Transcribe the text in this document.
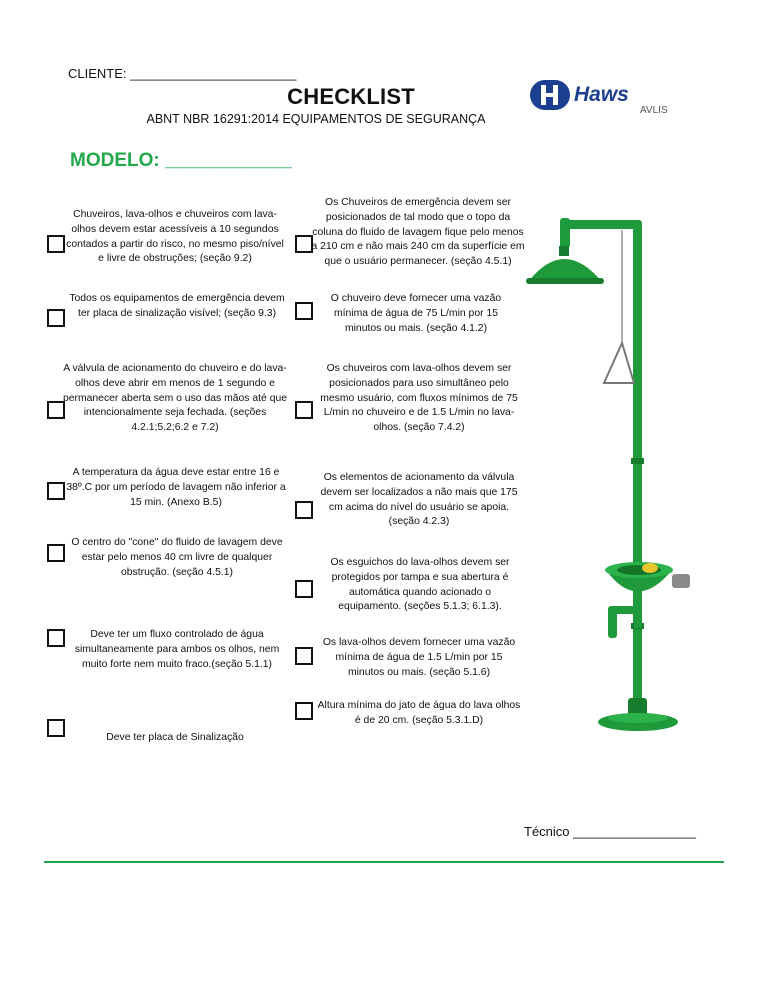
CLIENTE: _______________________
CHECKLIST
ABNT NBR 16291:2014 EQUIPAMENTOS DE SEGURANÇA
Haws
AVLIS
MODELO: ____________
Chuveiros, lava-olhos e chuveiros com lava-olhos devem estar acessíveis a 10 segundos contados a partir do risco, no mesmo piso/nível e livre de obstruções; (seção 9.2)
Todos os equipamentos de emergência devem ter placa de sinalização visível; (seção 9.3)
A válvula de acionamento do chuveiro e do lava-olhos deve abrir em menos de 1 segundo e permanecer aberta sem o uso das mãos até que intencionalmente seja fechada. (seções 4.2.1;5.2;6.2 e 7.2)
A temperatura da água deve estar entre 16 e 38º.C por um período de lavagem não inferior a 15 min. (Anexo B.5)
O centro do "cone" do fluido de lavagem deve estar pelo menos 40 cm livre de qualquer obstrução. (seção 4.5.1)
Deve ter um fluxo controlado de água simultaneamente para ambos os olhos, nem muito forte nem muito fraco.(seção 5.1.1)
Deve ter placa de Sinalização
Os Chuveiros de emergência devem ser posicionados de tal modo que o topo da coluna do fluido de lavagem fique pelo menos a 210 cm e não mais 240 cm da superfície em que o usuário permanecer. (seção 4.5.1)
O chuveiro deve fornecer uma vazão mínima de água de 75 L/min por 15 minutos ou mais. (seção 4.1.2)
Os chuveiros com lava-olhos devem ser posicionados para uso simultâneo pelo mesmo usuário, com fluxos mínimos de 75 L/min no chuveiro e de 1.5 L/min no lava-olhos. (seção 7.4.2)
Os elementos de acionamento da válvula devem ser localizados a não mais que 175 cm acima do nível do usuário se apoia. (seção 4.2.3)
Os esguichos do lava-olhos devem ser protegidos por tampa e sua abertura é automática quando acionado o equipamento. (seções 5.1.3; 6.1.3).
Os lava-olhos devem fornecer uma vazão mínima de água de 1.5 L/min por 15 minutos ou mais. (seção 5.1.6)
Altura mínima do jato de água do lava olhos é de 20 cm. (seção 5.3.1.D)
Técnico _________________
